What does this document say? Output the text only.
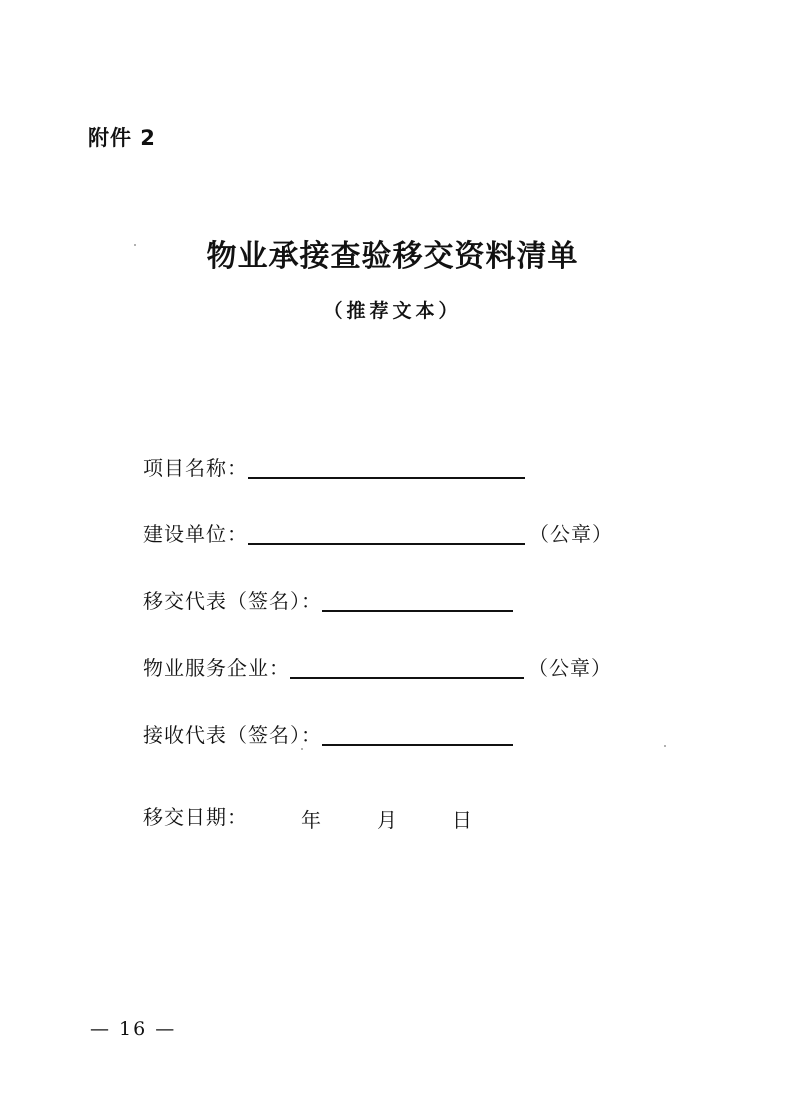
附件 2
物业承接查验移交资料清单
（推荐文本）
项目名称：
建设单位：	（公章）
移交代表（签名）：
物业服务企业：	（公章）
接收代表（签名）：
移交日期：	年	月	日
— 16 —
